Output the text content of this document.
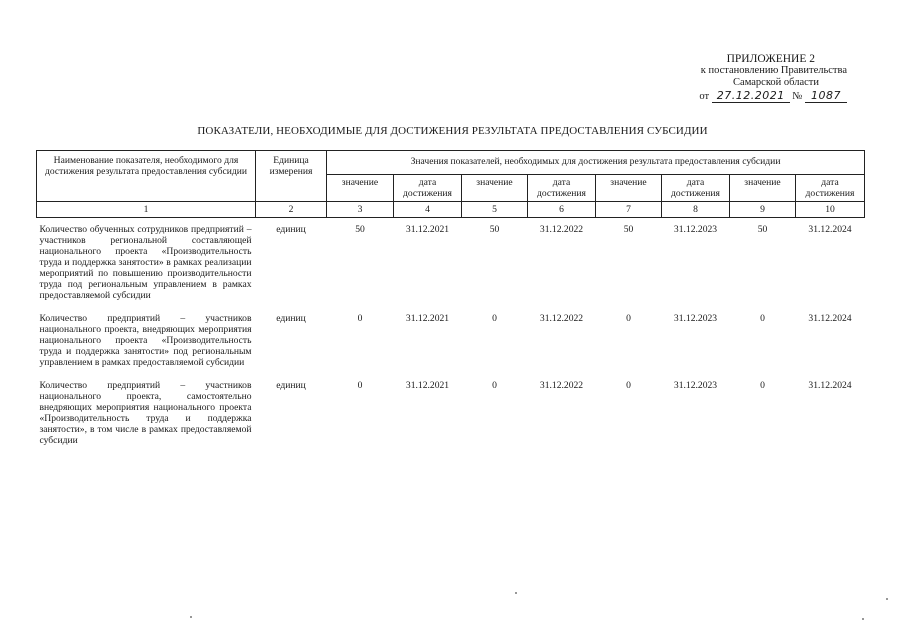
ПРИЛОЖЕНИЕ 2
к постановлению Правительства
Самарской области
от 27.12.2021 № 1087
ПОКАЗАТЕЛИ, НЕОБХОДИМЫЕ ДЛЯ ДОСТИЖЕНИЯ РЕЗУЛЬТАТА ПРЕДОСТАВЛЕНИЯ СУБСИДИИ
Наименование показателя, необходимого для достижения результата предоставления субсидии	Единица измерения	Значения показателей, необходимых для достижения результата предоставления субсидии							
		значение	дата достижения	значение	дата достижения	значение	дата достижения	значение	дата достижения
1	2	3	4	5	6	7	8	9	10
Количество обученных сотрудников предприятий – участников региональной составляющей национального проекта «Производительность труда и поддержка занятости» в рамках реализации мероприятий по повышению производительности труда под региональным управлением в рамках предоставляемой субсидии	единиц	50	31.12.2021	50	31.12.2022	50	31.12.2023	50	31.12.2024
Количество предприятий – участников национального проекта, внедряющих мероприятия национального проекта «Производительность труда и поддержка занятости» под региональным управлением в рамках предоставляемой субсидии	единиц	0	31.12.2021	0	31.12.2022	0	31.12.2023	0	31.12.2024
Количество предприятий – участников национального проекта, самостоятельно внедряющих мероприятия национального проекта «Производительность труда и поддержка занятости», в том числе в рамках предоставляемой субсидии	единиц	0	31.12.2021	0	31.12.2022	0	31.12.2023	0	31.12.2024
